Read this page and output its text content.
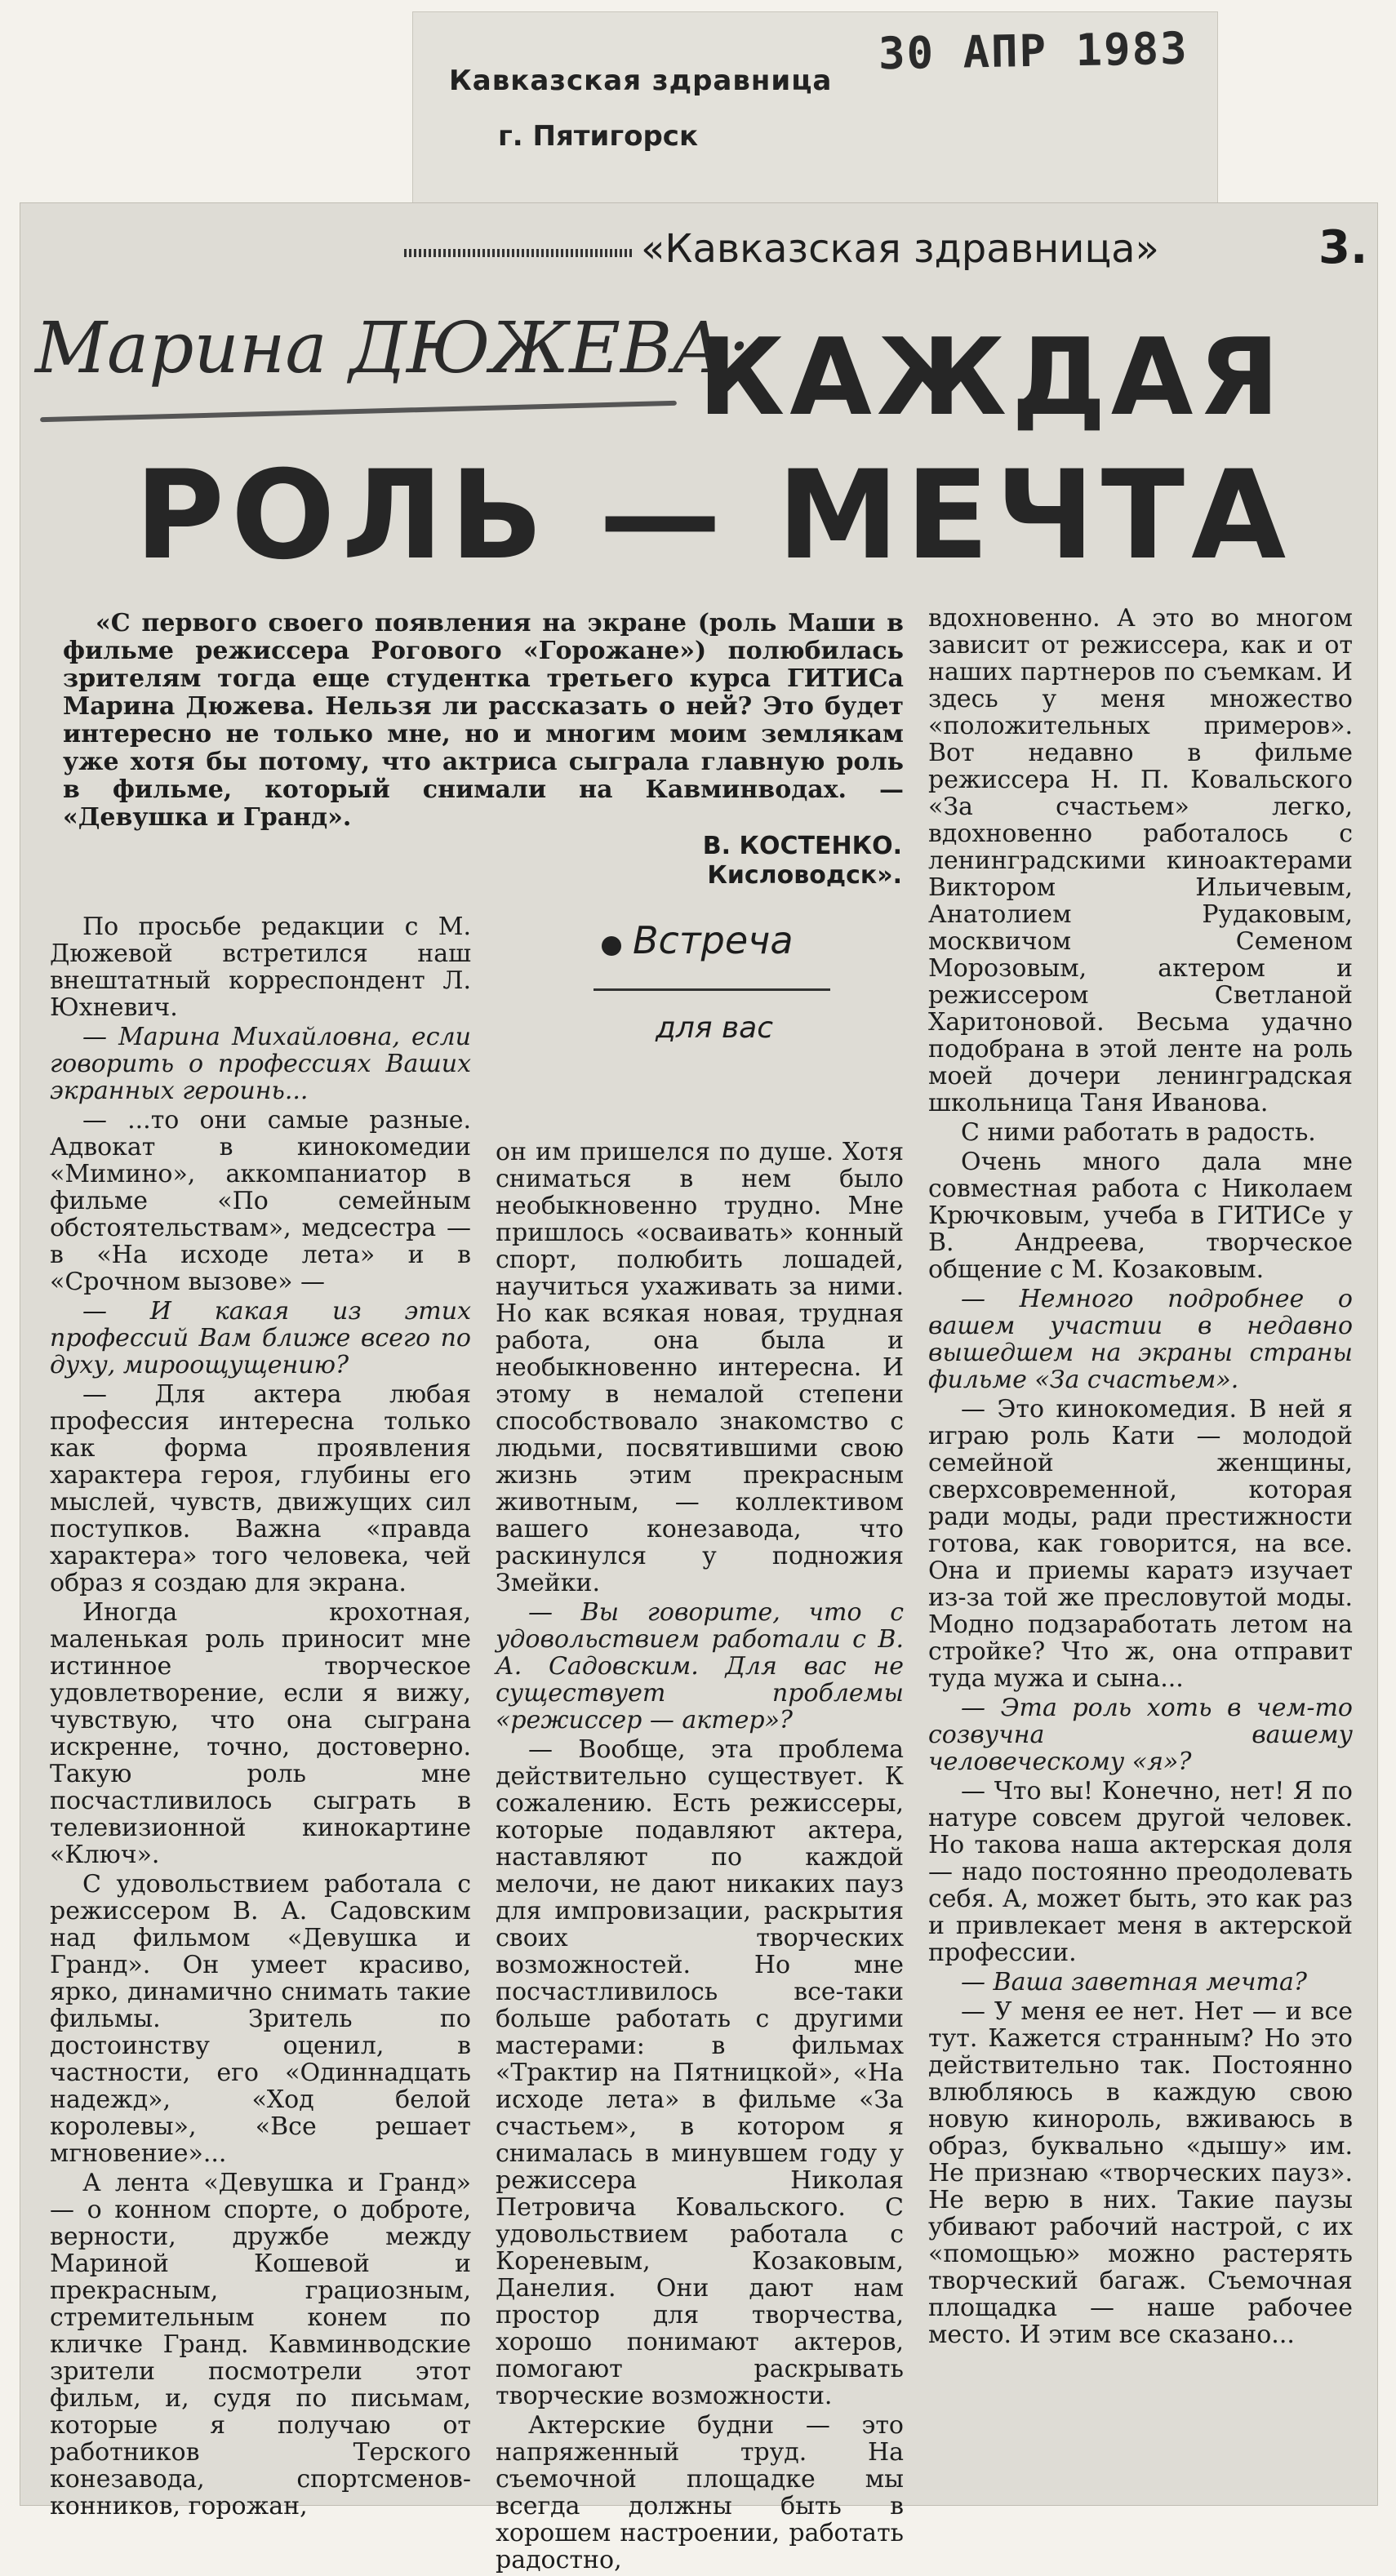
Кавказская здравница
г. Пятигорск
30 АПР 1983
«Кавказская здравница»	3.
Марина ДЮЖЕВА:
КАЖДАЯ
РОЛЬ — МЕЧТА

«С первого своего появления на экране (роль Маши в фильме режиссера Рогового «Горожане») полюбилась зрителям тогда еще студентка третьего курса ГИТИСа Марина Дюжева. Нельзя ли рассказать о ней? Это будет интересно не только мне, но и многим моим землякам уже хотя бы потому, что актриса сыграла главную роль в фильме, который снимали на Кавминводах. — «Девушка и Гранд».

В. КОСТЕНКО.
Кисловодск».
Встреча
для вас

По просьбе редакции с М. Дюжевой встретился наш внештатный корреспондент Л. Юхневич.

— Марина Михайловна, если говорить о профессиях Ваших экранных героинь...

— ...то они самые разные. Адвокат в кинокомедии «Мимино», аккомпаниатор в фильме «По семейным обстоятельствам», медсестра — в «На исходе лета» и в «Срочном вызове» —

— И какая из этих профессий Вам ближе всего по духу, мироощущению?

— Для актера любая профессия интересна только как форма проявления характера героя, глубины его мыслей, чувств, движущих сил поступков. Важна «правда характера» того человека, чей образ я создаю для экрана.

Иногда крохотная, маленькая роль приносит мне истинное творческое удовлетворение, если я вижу, чувствую, что она сыграна искренне, точно, достоверно. Такую роль мне посчастливилось сыграть в телевизионной кинокартине «Ключ».

С удовольствием работала с режиссером В. А. Садовским над фильмом «Девушка и Гранд». Он умеет красиво, ярко, динамично снимать такие фильмы. Зритель по достоинству оценил, в частности, его «Одиннадцать надежд», «Ход белой королевы», «Все решает мгновение»...

А лента «Девушка и Гранд» — о конном спорте, о доброте, верности, дружбе между Мариной Кошевой и прекрасным, грациозным, стремительным конем по кличке Гранд. Кавминводские зрители посмотрели этот фильм, и, судя по письмам, которые я получаю от работников Терского конезавода, спортсменов-конников, горожан,

он им пришелся по душе. Хотя сниматься в нем было необыкновенно трудно. Мне пришлось «осваивать» конный спорт, полюбить лошадей, научиться ухаживать за ними. Но как всякая новая, трудная работа, она была и необыкновенно интересна. И этому в немалой степени способствовало знакомство с людьми, посвятившими свою жизнь этим прекрасным животным, — коллективом вашего конезавода, что раскинулся у подножия Змейки.

— Вы говорите, что с удовольствием работали с В. А. Садовским. Для вас не существует проблемы «режиссер — актер»?

— Вообще, эта проблема действительно существует. К сожалению. Есть режиссеры, которые подавляют актера, наставляют по каждой мелочи, не дают никаких пауз для импровизации, раскрытия своих творческих возможностей. Но мне посчастливилось все-таки больше работать с другими мастерами: в фильмах «Трактир на Пятницкой», «На исходе лета» в фильме «За счастьем», в котором я снималась в минувшем году у режиссера Николая Петровича Ковальского. С удовольствием работала с Кореневым, Козаковым, Данелия. Они дают нам простор для творчества, хорошо понимают актеров, помогают раскрывать творческие возможности.

Актерские будни — это напряженный труд. На съемочной площадке мы всегда должны быть в хорошем настроении, работать радостно,

вдохновенно. А это во многом зависит от режиссера, как и от наших партнеров по съемкам. И здесь у меня множество «положительных примеров». Вот недавно в фильме режиссера Н. П. Ковальского «За счастьем» легко, вдохновенно работалось с ленинградскими киноактерами Виктором Ильичевым, Анатолием Рудаковым, москвичом Семеном Морозовым, актером и режиссером Светланой Харитоновой. Весьма удачно подобрана в этой ленте на роль моей дочери ленинградская школьница Таня Иванова.

С ними работать в радость.

Очень много дала мне совместная работа с Николаем Крючковым, учеба в ГИТИСе у В. Андреева, творческое общение с М. Козаковым.

— Немного подробнее о вашем участии в недавно вышедшем на экраны страны фильме «За счастьем».

— Это кинокомедия. В ней я играю роль Кати — молодой семейной женщины, сверхсовременной, которая ради моды, ради престижности готова, как говорится, на все. Она и приемы каратэ изучает из-за той же пресловутой моды. Модно подзаработать летом на стройке? Что ж, она отправит туда мужа и сына...

— Эта роль хоть в чем-то созвучна вашему человеческому «я»?

— Что вы! Конечно, нет! Я по натуре совсем другой человек. Но такова наша актерская доля — надо постоянно преодолевать себя. А, может быть, это как раз и привлекает меня в актерской профессии.

— Ваша заветная мечта?

— У меня ее нет. Нет — и все тут. Кажется странным? Но это действительно так. Постоянно влюбляюсь в каждую свою новую кинороль, вживаюсь в образ, буквально «дышу» им. Не признаю «творческих пауз». Не верю в них. Такие паузы убивают рабочий настрой, с их «помощью» можно растерять творческий багаж. Съемочная площадка — наше рабочее место. И этим все сказано...
